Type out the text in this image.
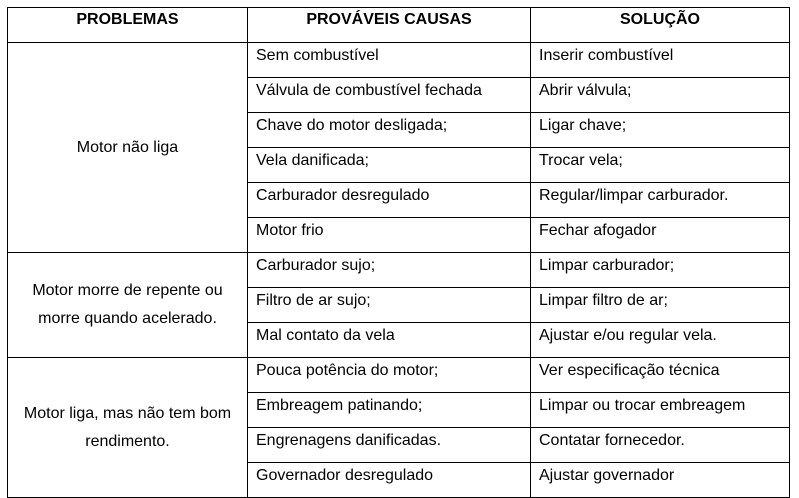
PROBLEMAS	PROVÁVEIS CAUSAS	SOLUÇÃO

Motor não liga	Sem combustível	Inserir combustível
	Válvula de combustível fechada	Abrir válvula;
	Chave do motor desligada;	Ligar chave;
	Vela danificada;	Trocar vela;
	Carburador desregulado	Regular/limpar carburador.
	Motor frio	Fechar afogador

Motor morre de repente ou morre quando acelerado.	Carburador sujo;	Limpar carburador;
	Filtro de ar sujo;	Limpar filtro de ar;
	Mal contato da vela	Ajustar e/ou regular vela.

Motor liga, mas não tem bom rendimento.	Pouca potência do motor;	Ver especificação técnica
	Embreagem patinando;	Limpar ou trocar embreagem
	Engrenagens danificadas.	Contatar fornecedor.
	Governador desregulado	Ajustar governador
